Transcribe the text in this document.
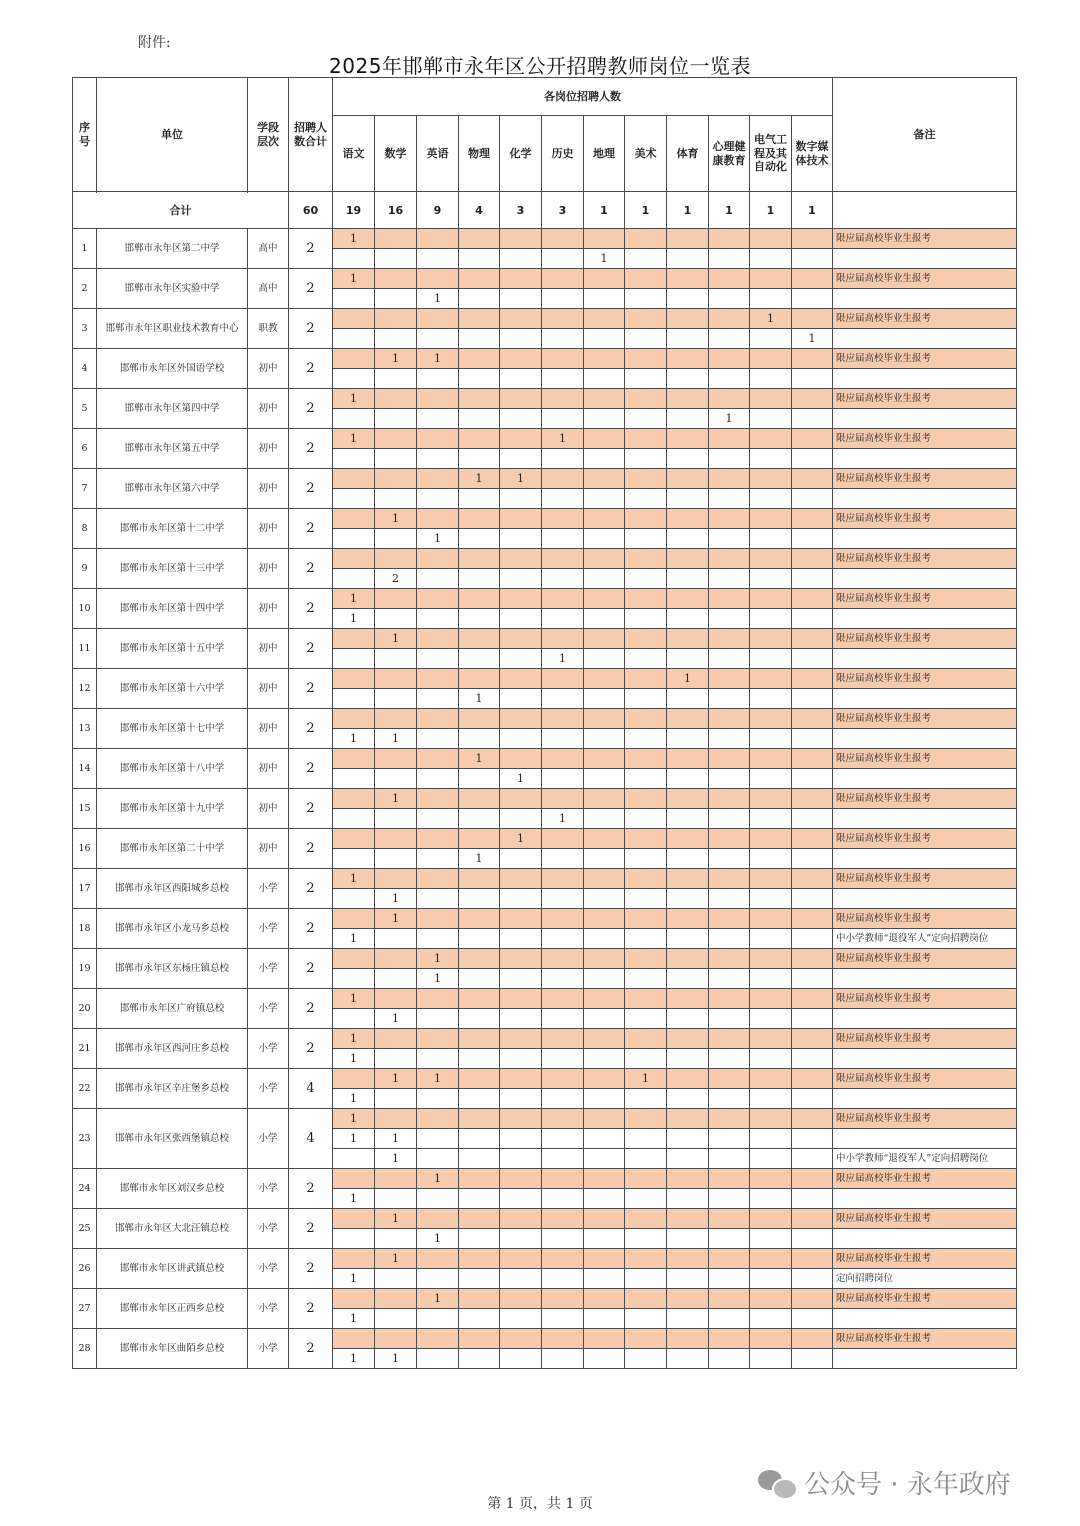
附件:
2025年邯郸市永年区公开招聘教师岗位一览表
序号	单位	学段层次	招聘人数合计	各岗位招聘人数												备注
				语文	数学	英语	物理	化学	历史	地理	美术	体育	心理健康教育	电气工程及其自动化	数字媒体技术	

合计			60	19	16	9	4	3	3	1	1	1	1	1	1	
1	邯郸市永年区第二中学	高中	2	1												限应届高校毕业生报考
										1						
2	邯郸市永年区实验中学	高中	2	1												限应届高校毕业生报考
						1										
3	邯郸市永年区职业技术教育中心	职教	2											1		限应届高校毕业生报考
															1	
4	邯郸市永年区外国语学校	初中	2		1	1										限应届高校毕业生报考

5	邯郸市永年区第四中学	初中	2	1												限应届高校毕业生报考
													1			
6	邯郸市永年区第五中学	初中	2	1					1							限应届高校毕业生报考

7	邯郸市永年区第六中学	初中	2				1	1								限应届高校毕业生报考

8	邯郸市永年区第十二中学	初中	2		1											限应届高校毕业生报考
						1										
9	邯郸市永年区第十三中学	初中	2													限应届高校毕业生报考
					2											
10	邯郸市永年区第十四中学	初中	2	1												限应届高校毕业生报考
				1												
11	邯郸市永年区第十五中学	初中	2		1											限应届高校毕业生报考
									1							
12	邯郸市永年区第十六中学	初中	2									1				限应届高校毕业生报考
							1									
13	邯郸市永年区第十七中学	初中	2													限应届高校毕业生报考
				1	1											
14	邯郸市永年区第十八中学	初中	2				1									限应届高校毕业生报考
								1								
15	邯郸市永年区第十九中学	初中	2		1											限应届高校毕业生报考
									1							
16	邯郸市永年区第二十中学	初中	2					1								限应届高校毕业生报考
							1									
17	邯郸市永年区西阳城乡总校	小学	2	1												限应届高校毕业生报考
					1											
18	邯郸市永年区小龙马乡总校	小学	2		1											限应届高校毕业生报考
				1												中小学教师“退役军人”定向招聘岗位
19	邯郸市永年区东杨庄镇总校	小学	2			1										限应届高校毕业生报考
						1										
20	邯郸市永年区广府镇总校	小学	2	1												限应届高校毕业生报考
					1											
21	邯郸市永年区西河庄乡总校	小学	2	1												限应届高校毕业生报考
				1												
22	邯郸市永年区辛庄堡乡总校	小学	4		1	1					1					限应届高校毕业生报考
				1												
23	邯郸市永年区张西堡镇总校	小学	4	1												限应届高校毕业生报考
				1	1											
					1											中小学教师“退役军人”定向招聘岗位
24	邯郸市永年区刘汉乡总校	小学	2			1										限应届高校毕业生报考
				1												
25	邯郸市永年区大北汪镇总校	小学	2		1											限应届高校毕业生报考
						1										
26	邯郸市永年区讲武镇总校	小学	2		1											限应届高校毕业生报考
				1												定向招聘岗位
27	邯郸市永年区正西乡总校	小学	2			1										限应届高校毕业生报考
				1												
28	邯郸市永年区曲陌乡总校	小学	2													限应届高校毕业生报考
				1	1											
公众号 · 永年政府
第 1 页，共 1 页
